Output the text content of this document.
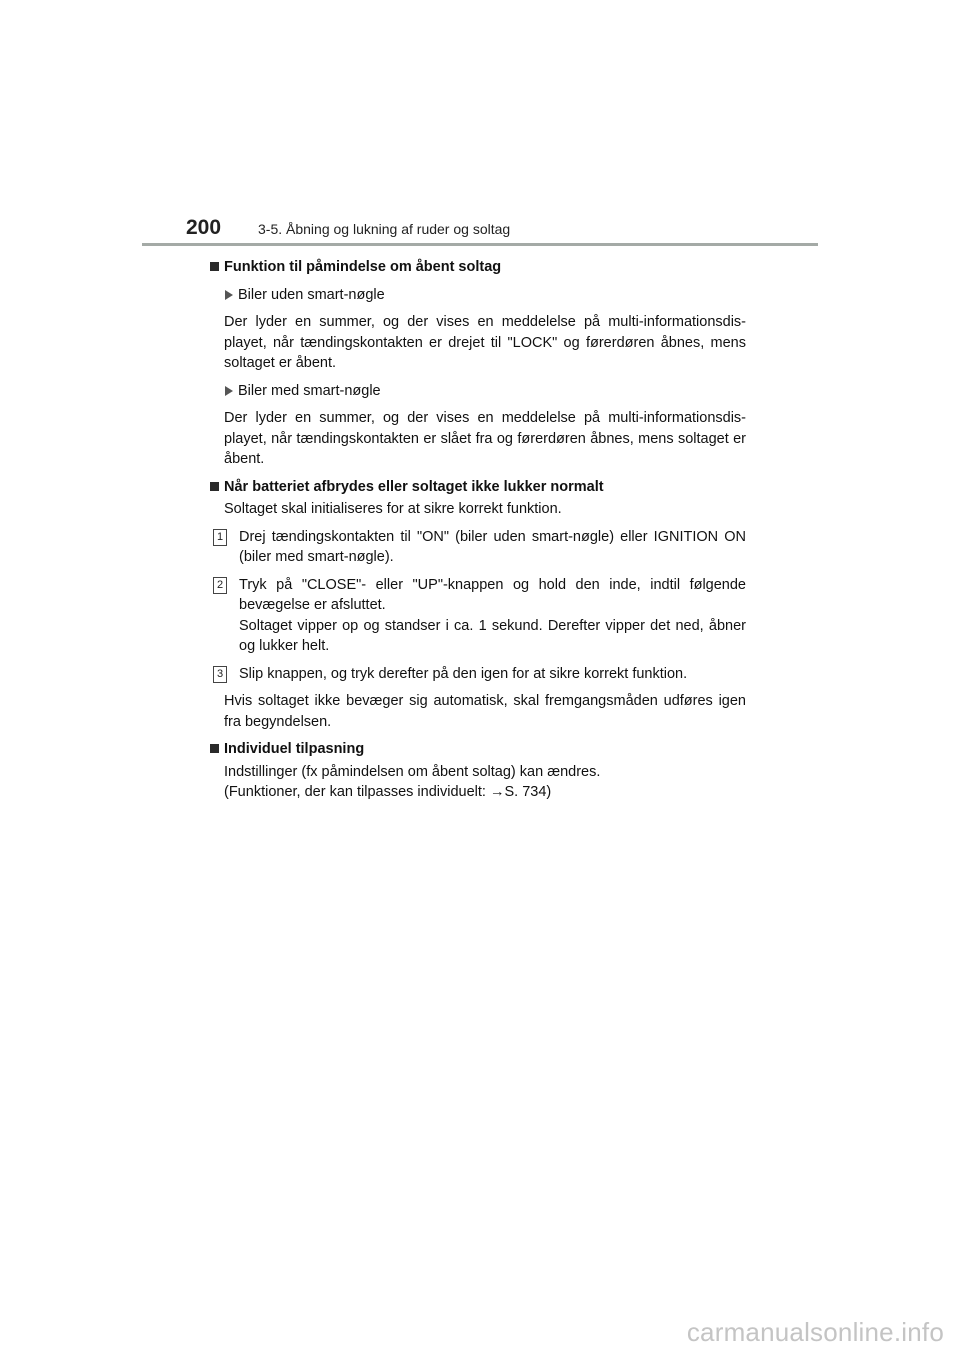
200	3-5. Åbning og lukning af ruder og soltag
Funktion til påmindelse om åbent soltag
Biler uden smart-nøgle
Der lyder en summer, og der vises en meddelelse på multi-informationsdis-playet, når tændingskontakten er drejet til "LOCK" og førerdøren åbnes, mens soltaget er åbent.
Biler med smart-nøgle
Der lyder en summer, og der vises en meddelelse på multi-informationsdis-playet, når tændingskontakten er slået fra og førerdøren åbnes, mens soltaget er åbent.
Når batteriet afbrydes eller soltaget ikke lukker normalt
Soltaget skal initialiseres for at sikre korrekt funktion.
1 Drej tændingskontakten til "ON" (biler uden smart-nøgle) eller IGNITION ON (biler med smart-nøgle).
2 Tryk på "CLOSE"- eller "UP"-knappen og hold den inde, indtil følgende bevægelse er afsluttet.
Soltaget vipper op og standser i ca. 1 sekund. Derefter vipper det ned, åbner og lukker helt.
3 Slip knappen, og tryk derefter på den igen for at sikre korrekt funktion.
Hvis soltaget ikke bevæger sig automatisk, skal fremgangsmåden udføres igen fra begyndelsen.
Individuel tilpasning
Indstillinger (fx påmindelsen om åbent soltag) kan ændres.
(Funktioner, der kan tilpasses individuelt: →S. 734)
carmanualsonline.info
